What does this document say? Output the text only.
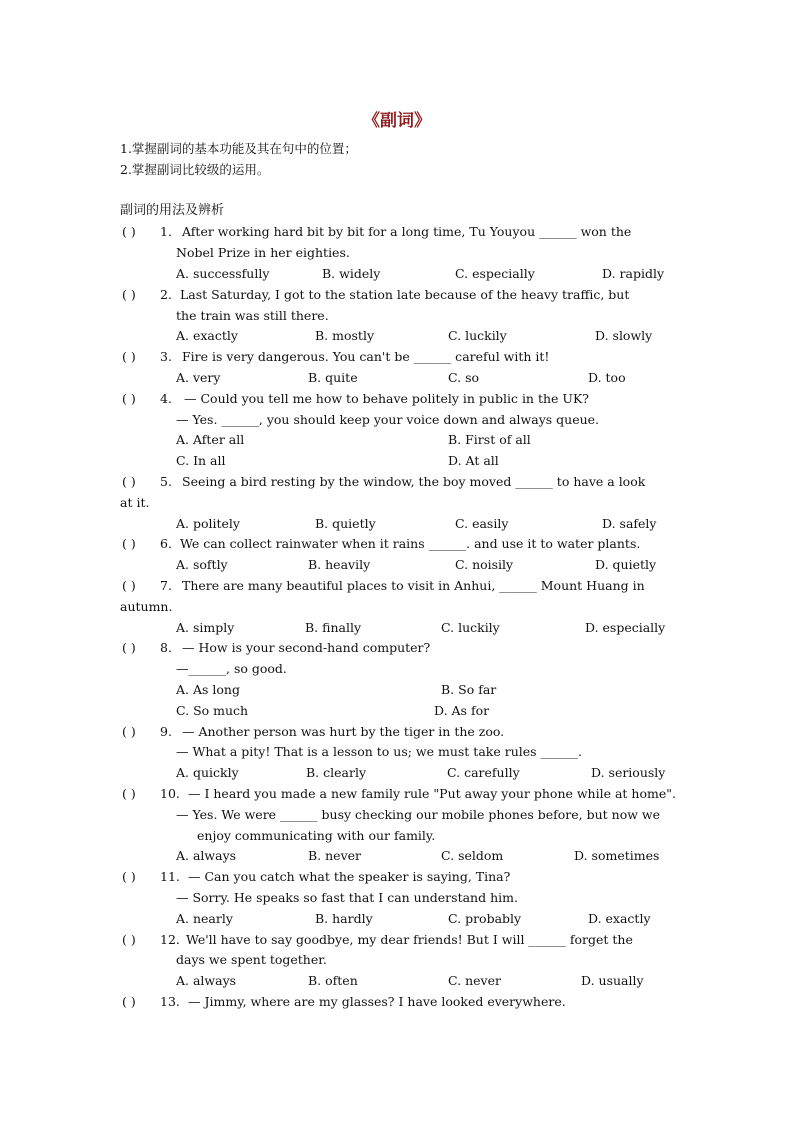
《副词》
1.掌握副词的基本功能及其在句中的位置；
2.掌握副词比较级的运用。
副词的用法及辨析
( ) 1. After working hard bit by bit for a long time, Tu Youyou ______ won the
Nobel Prize in her eighties.
A. successfully	B. widely	C. especially	D. rapidly
( ) 2. Last Saturday, I got to the station late because of the heavy traffic, but
the train was still there.
A. exactly	B. mostly	C. luckily	D. slowly
( ) 3. Fire is very dangerous. You can't be ______ careful with it!
A. very	B. quite	C. so	D. too
( ) 4. — Could you tell me how to behave politely in public in the UK?
— Yes. ______, you should keep your voice down and always queue.
A. After all	B. First of all
C. In all	D. At all
( ) 5. Seeing a bird resting by the window, the boy moved ______ to have a look
at it.
A. politely	B. quietly	C. easily	D. safely
( ) 6. We can collect rainwater when it rains ______. and use it to water plants.
A. softly	B. heavily	C. noisily	D. quietly
( ) 7. There are many beautiful places to visit in Anhui, ______ Mount Huang in
autumn.
A. simply	B. finally	C. luckily	D. especially
( ) 8. — How is your second-hand computer?
—______, so good.
A. As long	B. So far
C. So much	D. As for
( ) 9. — Another person was hurt by the tiger in the zoo.
— What a pity! That is a lesson to us; we must take rules ______.
A. quickly	B. clearly	C. carefully	D. seriously
( ) 10. — I heard you made a new family rule "Put away your phone while at home".
— Yes. We were ______ busy checking our mobile phones before, but now we
enjoy communicating with our family.
A. always	B. never	C. seldom	D. sometimes
( ) 11. — Can you catch what the speaker is saying, Tina?
— Sorry. He speaks so fast that I can understand him.
A. nearly	B. hardly	C. probably	D. exactly
( ) 12. We'll have to say goodbye, my dear friends! But I will ______ forget the
days we spent together.
A. always	B. often	C. never	D. usually
( ) 13. — Jimmy, where are my glasses? I have looked everywhere.
